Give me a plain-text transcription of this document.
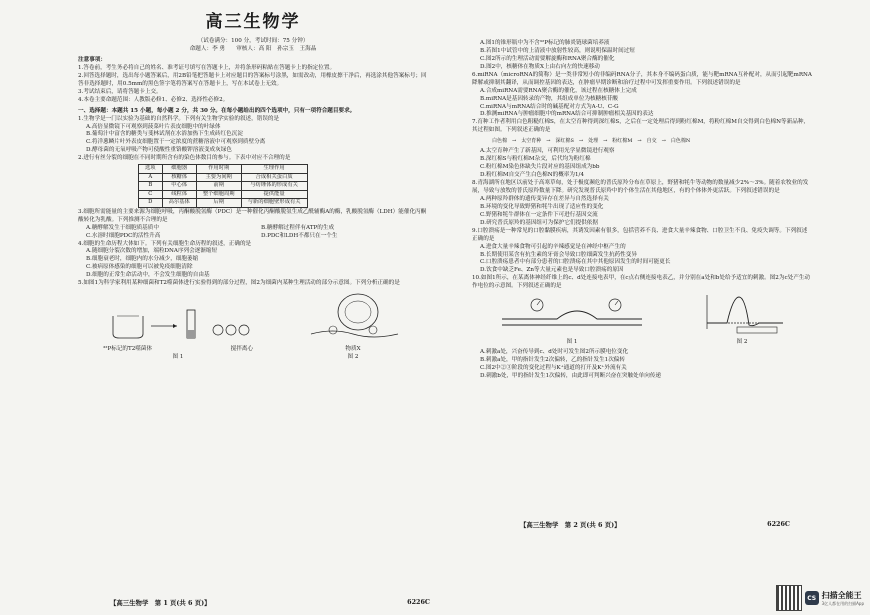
高三生物学

（试卷满分：100 分，考试时间：75 分钟）

命题人：李 勇　　审核人：高 阳　孙宗玉　王海晶

注意事项：

1.答卷前，考生务必将自己的姓名、准考证号填写在答题卡上，并将条形码粘贴在答题卡上的指定位置。

2.回答选择题时，选出每小题答案后，用2B铅笔把答题卡上对应题目的答案标号涂黑，如需改动，用橡皮擦干净后，再选涂其他答案标号；回答非选择题时，用0.5mm的黑色签字笔将答案写在答题卡上，写在本试卷上无效。

3.考试结束后，请将答题卡上交。

4.本卷主要命题范围：人教版必修1、必修2、选择性必修2。

一、选择题：本题共 15 小题，每小题 2 分，共 30 分。在每小题给出的四个选项中，只有一项符合题目要求。

1.生物学是一门以实验为基础的自然科学。下列有关生物学实验的叙述，错误的是

A.高倍显微镜下可观察到菠菜叶片表皮细胞中的叶绿体

B.葡萄汁中富含的糖类与斐林试剂在水浴加热下生成砖红色沉淀

C.将洋葱鳞片叶外表皮细胞置于一定浓度的蔗糖溶液中可观察到质壁分离

D.酵母菌的无氧呼吸产物可使酸性重铬酸钾溶液变成灰绿色

2.进行有丝分裂的细胞在不同时期所含有的染色体数目的参与。下表中对应不合理的是

选项	细胞器	作用时期	生理作用
A	核糖体	主要为间期	合成相关蛋白质
B	中心体	前期	与纺锤体的形成有关
C	线粒体	整个细胞周期	提供能量
D	高尔基体	后期	与新的细胞壁形成有关

3.细胞所需能量的主要来源为细胞呼吸，丙酮酸脱氢酶（PDC）是一种催化丙酮酸脱氢生成乙酰辅酶A的酶，乳酸脱氢酶（LDH）能催化丙酮酸转化为乳酸。下列推测不合理的是

A.糖酵解发生于细胞质基质中	B.糖酵解过程伴有ATP的生成

C.水溶时细胞PDC的活性升高	D.PDC和LDH不都只在一个生

4.细胞的生命历程大体如下。下列有关细胞生命历程的叙述，正确的是

A.随细胞分裂次数的增加，端粒DNA序列会逐渐缩短

B.细胞衰老时，细胞内的水分减少，细胞萎缩

C.被病原体感染的细胞可以被免疫细胞清除

D.细胞的正常生命活动中，不会发生细胞的自由基

5.如图1为科学家利用某种细菌和T2噬菌体进行实验得到的部分过程，图2为细菌内某种生理活动的部分示意图。下列分析正确的是

³²P标记的T2噬菌体	搅拌离心
图 1
物质X
图 2
【高三生物学　第 1 页(共 6 页)】	6226C

A.图1的锥形瓶中为不含³²P标记的肺炎链球菌培养液

B.若图1中试管中的上清液中放射性较高，则说明保温时间过短

C.图2所示的生理活动需要解旋酶和RNA聚合酶的催化

D.图2中，核糖体在物质X上由右向左的快速移动

6.miRNA（microRNA的简称）是一类非常短小的非编码RNA分子，其本身不编码蛋白质，能与靶mRNA互补配对，从而引起靶mRNA降解或抑制其翻译，从而调控基因的表达，在肿瘤早期诊断和治疗过程中可发挥重要作用。下列叙述错误的是

A.合成miRNA需要RNA聚合酶的催化，该过程在核糖体上完成

B.miRNA是基因转录的产物，其组成单位为核糖核苷酸

C.miRNA与mRNA结合时的碱基配对方式为A-U、C-G

D.推测miRNA与肿瘤细胞中的mRNA结合可抑制肿瘤相关基因的表达

7.育种工作者利用白色粗糙红棉S，在太空育种得到深红棉S，之后在一定处理后得到粉红棉M，将粉红棉M自交得到白色棉N等新品种，其过程如图。下列叙述正确的是

白色棉 → 太空育种 → 深红棉S → 处理 → 粉红棉M → 自交 → 白色棉N

A.太空育种产生了新基因，可利用光学显微镜进行观察

B.深红棉S与粉红棉M杂交，后代均为粉红棉

C.粉红棉M染色体缺失片段对应的基因组成为bb

D.粉红棉M自交产生白色棉N的概率为1/4

8.青海湖所在地区以前处于高寒草甸，处于极度濒危的普氏原羚分布在草原上，野猪和牦牛等动物的数量减少2%～3%。随着农牧业的发展，导致与放牧的普氏原羚数量下降。研究发现普氏原羚中的个体生活在其他地区，有的个体体外更活跃。下列叙述错误的是

A.两种原羚群体的遗传变异存在差异与自然选择有关

B.环境的变化导致野猪和牦牛出现了适应性的变化

C.野猪和牦牛群体在一定条件下可进行基因交流

D.研究普氏原羚的基因组可为保护它们提供依据

9.口腔溃疡是一种常见的口腔黏膜疾病，其诱发因素有很多，包括营养不良、进食大量辛辣食物、口腔卫生不良、免疫失调等。下列叙述正确的是

A.进食大量辛辣食物可引起的辛辣感觉是在神经中枢产生的

B.长期使用某含有抗生素的牙膏会导致口腔细菌发生抗药性变异

C.口腔溃疡患者中有部分患者的口腔溃疡在其中其他原因发生的时间可能更长

D.饮食中缺乏Fe、Zn等大量元素也是导致口腔溃疡的原因

10.如图1所示，在某离体神经纤维上的c、d处连接电表甲，在c点右侧连接电表乙，并分别在a处和b处给予适宜的刺激。图2为c处产生动作电位的示意图。下列叙述正确的是

图 1	图 2

A.刺激a处，兴奋传导到c、d处时可发生图2所示膜电位变化

B.刺激a处，甲的指针发生2次偏转，乙的指针发生1次偏转

C.图2中②③阶段的变化过程与K⁺通道的打开及K⁺外流有关

D.刺激b处，甲的指针发生1次偏转，由此即可判断兴奋在突触处单向传递

【高三生物学　第 2 页(共 6 页)】	6226C
CS 扫描全能王
3亿人都在用的扫描App
